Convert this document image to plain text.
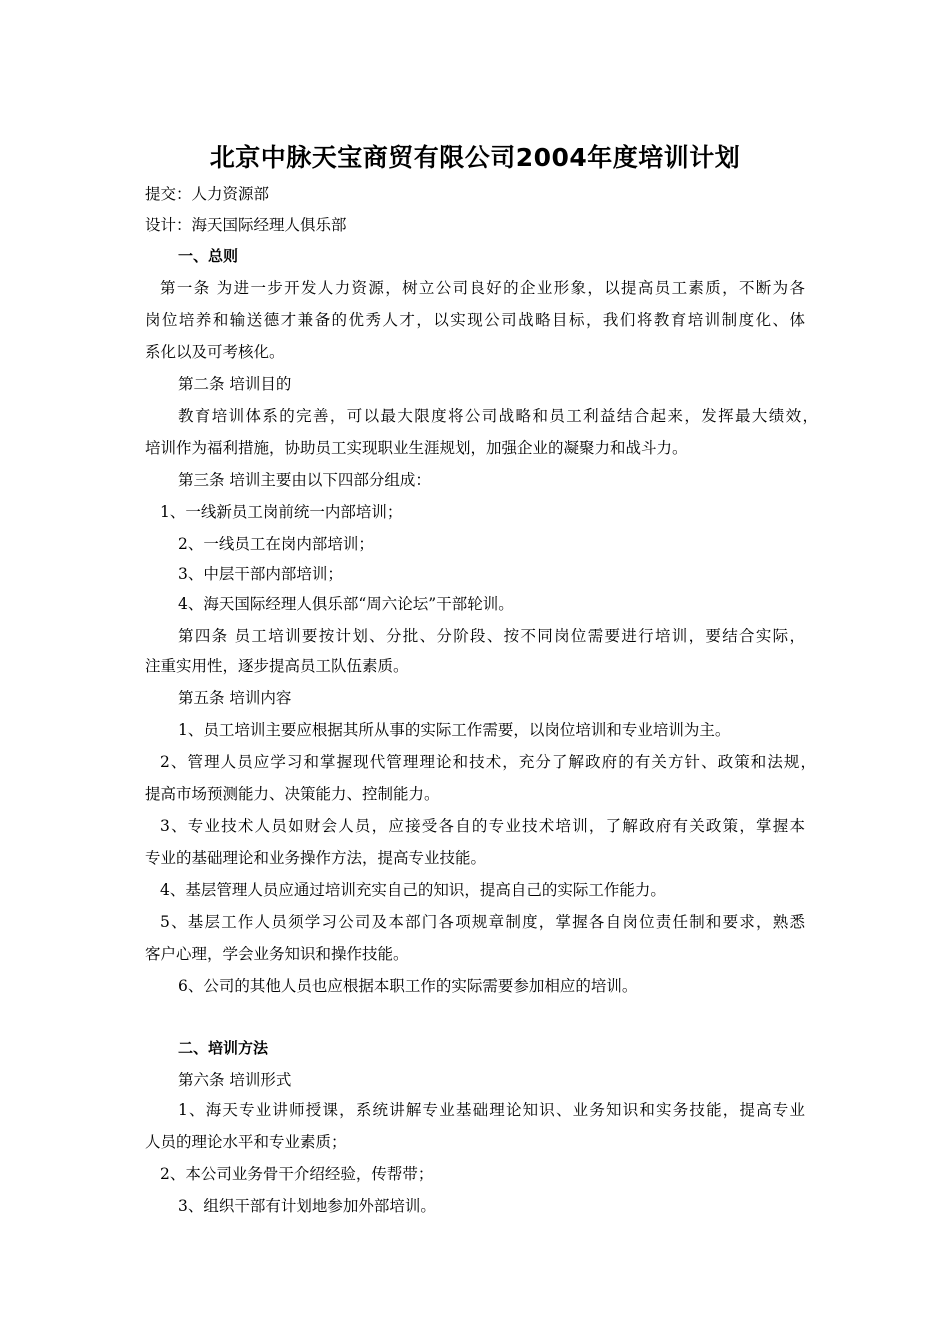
北京中脉天宝商贸有限公司2004年度培训计划
提交：人力资源部
设计：海天国际经理人俱乐部
一、总则
第一条 为进一步开发人力资源，树立公司良好的企业形象，以提高员工素质，不断为各
岗位培养和输送德才兼备的优秀人才，以实现公司战略目标，我们将教育培训制度化、体
系化以及可考核化。
第二条 培训目的
教育培训体系的完善，可以最大限度将公司战略和员工利益结合起来，发挥最大绩效，
培训作为福利措施，协助员工实现职业生涯规划，加强企业的凝聚力和战斗力。
第三条 培训主要由以下四部分组成：
1、一线新员工岗前统一内部培训；
2、一线员工在岗内部培训；
3、中层干部内部培训；
4、海天国际经理人俱乐部“周六论坛”干部轮训。
第四条 员工培训要按计划、分批、分阶段、按不同岗位需要进行培训，要结合实际，
注重实用性，逐步提高员工队伍素质。
第五条 培训内容
1、员工培训主要应根据其所从事的实际工作需要，以岗位培训和专业培训为主。
2、管理人员应学习和掌握现代管理理论和技术，充分了解政府的有关方针、政策和法规，
提高市场预测能力、决策能力、控制能力。
3、专业技术人员如财会人员，应接受各自的专业技术培训，了解政府有关政策，掌握本
专业的基础理论和业务操作方法，提高专业技能。
4、基层管理人员应通过培训充实自己的知识，提高自己的实际工作能力。
5、基层工作人员须学习公司及本部门各项规章制度，掌握各自岗位责任制和要求，熟悉
客户心理，学会业务知识和操作技能。
6、公司的其他人员也应根据本职工作的实际需要参加相应的培训。
二、培训方法
第六条 培训形式
1、海天专业讲师授课，系统讲解专业基础理论知识、业务知识和实务技能，提高专业
人员的理论水平和专业素质；
2、本公司业务骨干介绍经验，传帮带；
3、组织干部有计划地参加外部培训。
